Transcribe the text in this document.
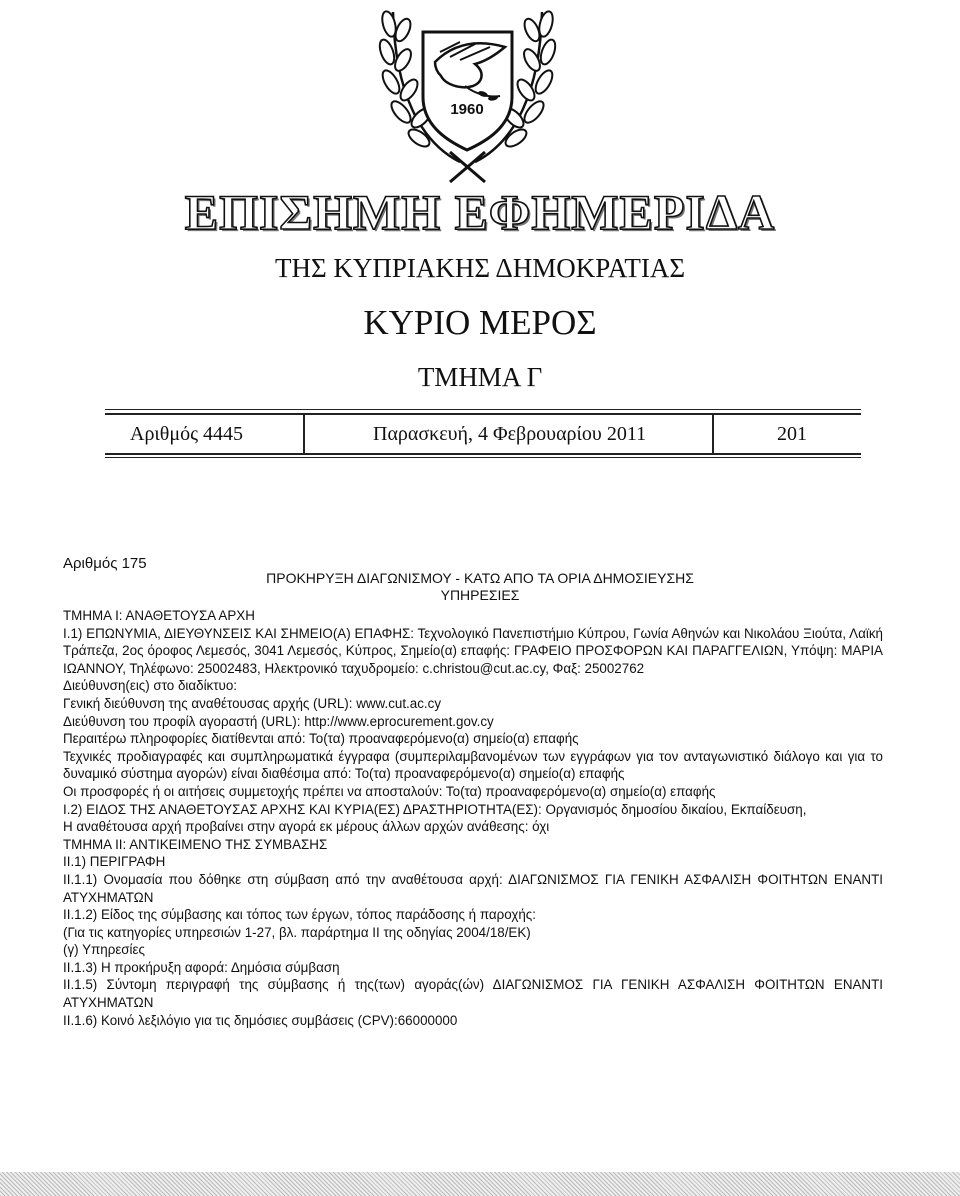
1960
ΕΠΙΣΗΜΗ ΕΦΗΜΕΡΙΔΑ
ΤΗΣ ΚΥΠΡΙΑΚΗΣ ΔΗΜΟΚΡΑΤΙΑΣ
ΚΥΡΙΟ ΜΕΡΟΣ
ΤΜΗΜΑ Γ
Αριθμός 4445	Παρασκευή, 4 Φεβρουαρίου 2011	201
Αριθμός 175
ΠΡΟΚΗΡΥΞΗ ΔΙΑΓΩΝΙΣΜΟΥ - ΚΑΤΩ ΑΠΟ ΤΑ ΟΡΙΑ ΔΗΜΟΣΙΕΥΣΗΣ
ΥΠΗΡΕΣΙΕΣ

ΤΜΗΜΑ Ι: ΑΝΑΘΕΤΟΥΣΑ ΑΡΧΗ

Ι.1) ΕΠΩΝΥΜΙΑ, ΔΙΕΥΘΥΝΣΕΙΣ ΚΑΙ ΣΗΜΕΙΟ(Α) ΕΠΑΦΗΣ: Τεχνολογικό Πανεπιστήμιο Κύπρου, Γωνία Αθηνών και Νικολάου Ξιούτα, Λαϊκή Τράπεζα, 2ος όροφος Λεμεσός, 3041 Λεμεσός, Κύπρος, Σημείο(α) επαφής: ΓΡΑΦΕΙΟ ΠΡΟΣΦΟΡΩΝ ΚΑΙ ΠΑΡΑΓΓΕΛΙΩΝ, Υπόψη: ΜΑΡΙΑ ΙΩΑΝΝΟΥ, Τηλέφωνο: 25002483, Ηλεκτρονικό ταχυδρομείο: c.christou@cut.ac.cy, Φαξ: 25002762

Διεύθυνση(εις) στο διαδίκτυο:

Γενική διεύθυνση της αναθέτουσας αρχής (URL): www.cut.ac.cy

Διεύθυνση του προφίλ αγοραστή (URL): http://www.eprocurement.gov.cy

Περαιτέρω πληροφορίες διατίθενται από: Το(τα) προαναφερόμενο(α) σημείο(α) επαφής

Τεχνικές προδιαγραφές και συμπληρωματικά έγγραφα (συμπεριλαμβανομένων των εγγράφων για τον ανταγωνιστικό διάλογο και για το δυναμικό σύστημα αγορών) είναι διαθέσιμα από: Το(τα) προαναφερόμενο(α) σημείο(α) επαφής

Οι προσφορές ή οι αιτήσεις συμμετοχής πρέπει να αποσταλούν: Το(τα) προαναφερόμενο(α) σημείο(α) επαφής

Ι.2) ΕΙΔΟΣ ΤΗΣ ΑΝΑΘΕΤΟΥΣΑΣ ΑΡΧΗΣ ΚΑΙ ΚΥΡΙΑ(ΕΣ) ΔΡΑΣΤΗΡΙΟΤΗΤΑ(ΕΣ): Οργανισμός δημοσίου δικαίου, Εκπαίδευση,

Η αναθέτουσα αρχή προβαίνει στην αγορά εκ μέρους άλλων αρχών ανάθεσης: όχι

ΤΜΗΜΑ ΙΙ: ΑΝΤΙΚΕΙΜΕΝΟ ΤΗΣ ΣΥΜΒΑΣΗΣ

ΙΙ.1) ΠΕΡΙΓΡΑΦΗ

ΙΙ.1.1) Ονομασία που δόθηκε στη σύμβαση από την αναθέτουσα αρχή: ΔΙΑΓΩΝΙΣΜΟΣ ΓΙΑ ΓΕΝΙΚΗ ΑΣΦΑΛΙΣΗ ΦΟΙΤΗΤΩΝ ΕΝΑΝΤΙ ΑΤΥΧΗΜΑΤΩΝ

ΙΙ.1.2) Είδος της σύμβασης και τόπος των έργων, τόπος παράδοσης ή παροχής:

(Για τις κατηγορίες υπηρεσιών 1-27, βλ. παράρτημα ΙΙ της οδηγίας 2004/18/ΕΚ)

(γ) Υπηρεσίες

ΙΙ.1.3) Η προκήρυξη αφορά: Δημόσια σύμβαση

ΙΙ.1.5) Σύντομη περιγραφή της σύμβασης ή της(των) αγοράς(ών) ΔΙΑΓΩΝΙΣΜΟΣ ΓΙΑ ΓΕΝΙΚΗ ΑΣΦΑΛΙΣΗ ΦΟΙΤΗΤΩΝ ΕΝΑΝΤΙ ΑΤΥΧΗΜΑΤΩΝ

ΙΙ.1.6) Κοινό λεξιλόγιο για τις δημόσιες συμβάσεις (CPV):66000000
